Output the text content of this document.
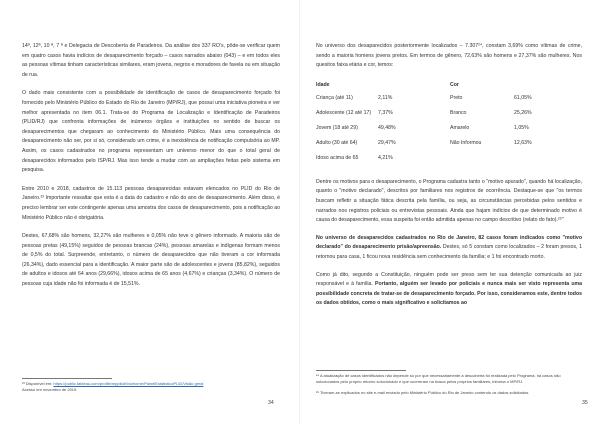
14ª, 12ª, 10 ª, 7 ª e Delegacia de Descoberta de Paradeiros. Da análise dos 337 RO's, pôde-se verificar quem em quatro casos havia indícios de desaparecimento forçado – casos narrados abaixo (043) – e em todos eles as pessoas vítimas tinham características similares, eram jovens, negros e moradores de favela ou em situação de rua.

O dado mais consistente com a possibilidade de identificação de casos de desaparecimento forçado foi fornecido pelo Ministério Público do Estado do Rio de Janeiro (MP/RJ), que possui uma iniciativa pioneira e ver melhor apresentada no item 06.1. Trata-se do Programa de Localização e Identificação de Paradeiros (PLID/RJ) que confronta informações de inúmeros órgãos e instituições no sentido de buscar os desaparecimentos que chegaram ao conhecimento do Ministério Público. Mais uma consequência do desaparecimento não ser, por si só, considerado um crime, é a inexistência de notificação compulsória ao MP. Assim, os casos cadastrados no programa representam um universo menor do que o total geral de desaparecidos informados pelo ISP/RJ. Mas isso tende a mudar com as ampliações feitas pelo sistema em pesquisa.

Entre 2010 e 2018, cadastros de 15.113 pessoas desaparecidas estavam elencados no PLID do Rio de Janeiro.²³ Importante ressaltar que esta é a data do cadastro e não do ano de desaparecimento. Além disso, é preciso lembrar ser este contingente apenas uma amostra dos casos de desaparecimento, pois a notificação ao Ministério Público não é obrigatória.

Destes, 67,68% são homens, 32,27% são mulheres e 0,05% não teve o gênero informado. A maioria são de pessoas pretas (49,15%) seguidos de pessoas brancas (24%), pessoas amarelas e indígenas formam menos de 0,5% do total. Surpreende, entretanto, o número de desaparecidos que não tiveram a cor informada (26,34%), dado essencial para a identificação. A maior parte são de adolescentes e jovens (85,82%), seguidos de adultos e idosos até 64 anos (29,66%), idosos acima de 65 anos (4,67%) e crianças (3,34%). O número de pessoas cuja idade não foi informada é de 15,51%.

²³ Disponível em: https://public.tableau.com/profile/mpplid#!/vizhome/PainelEstatisticoPLID/Visão geral
Acesso em novembro de 2019.
34

No universo dos desaparecidos posteriormente localizados – 7.307²⁴, constam 3,69% como vítimas de crime, sendo a maioria homens jovens pretos. Em termos de gênero, 72,63% são homens e 27,37% são mulheres. Nos quesitos faixa etária e cor, temos:

Idade		Cor	
Criança (até 11)	2,11%	Preto	61,05%
Adolescente (12 até 17)	7,37%	Branco	25,26%
Jovem (18 até 29)	49,48%	Amarelo	1,05%
Adulto (30 até 64)	29,47%	Não Informou	12,63%
Idoso acima de 65	4,21%		

Dentre os motivos para o desaparecimento, o Programa cadastra tanto o "motivo apurado", quando há localização, quanto o "motivo declarado", descritos por familiares nos registros de ocorrência. Destaque-se que "os termos buscam refletir a situação fática descrita pela família, ou seja, as circunstâncias percebidas pelos sentidos e narrados nos registros policiais ou entrevistas pessoais. Ainda que hajam indícios de que determinado motivo é causa do desaparecimento, essa suspeita foi então admitida apenas no campo descritivo (relato do fato).²⁵"

No universo de desaparecidos cadastrados no Rio de Janeiro, 82 casos foram indicados como "motivo declarado" do desaparecimento prisão/apreensão. Destes, só 5 constam como localizados – 2 foram presos, 1 retornou para casa, 1 ficou nova residência sem conhecimento da família; e 1 foi encontrado morto.

Como já dito, segundo a Constituição, ninguém pode ser preso sem ter sua detenção comunicada ao juiz responsável e à família. Portanto, alguém ser levado por policiais e nunca mais ser visto representa uma possibilidade concreta de tratar-se de desaparecimento forçado. Por isso, consideramos este, dentre todos os dados obtidos, como o mais significativo e solicitamos ao

²⁴ A atualização de casos identificados não depende só por que necessariamente a descoberta foi realizada pelo Programa, há casos não solucionados pelo próprio retorno solucionado e que ocorreram na busca pelos próprios familiares, informa o MP/RJ.
²⁵ Tiveram-se explicados no site e-mail enviado pelo Ministério Público do Rio de Janeiro contendo os dados solicitados.
35
